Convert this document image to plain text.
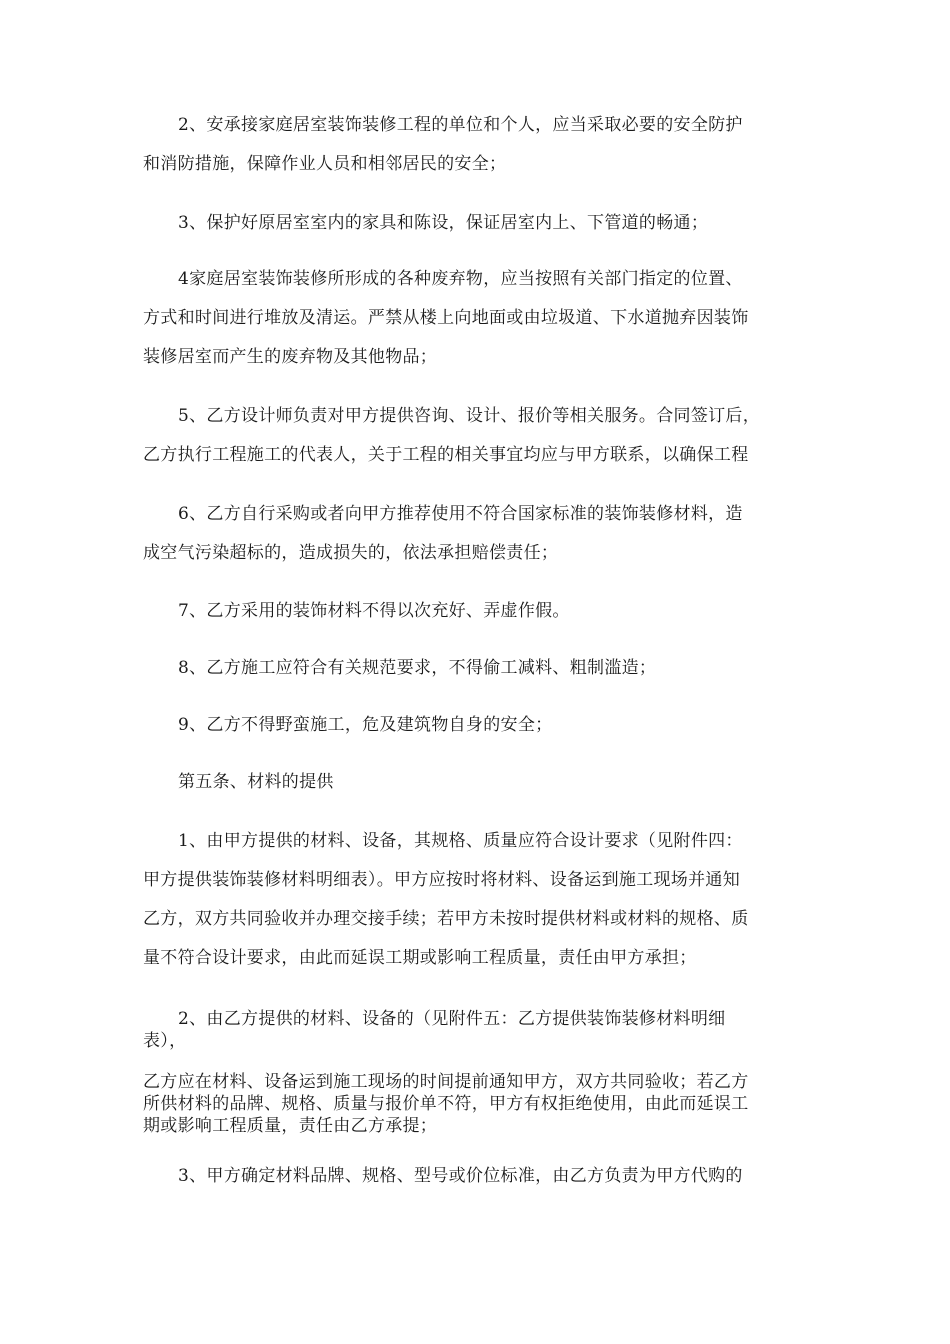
2、安承接家庭居室装饰装修工程的单位和个人，应当采取必要的安全防护
和消防措施，保障作业人员和相邻居民的安全；
3、保护好原居室室内的家具和陈设，保证居室内上、下管道的畅通；
4家庭居室装饰装修所形成的各种废弃物，应当按照有关部门指定的位置、
方式和时间进行堆放及清运。严禁从楼上向地面或由垃圾道、下水道抛弃因装饰
装修居室而产生的废弃物及其他物品；
5、乙方设计师负责对甲方提供咨询、设计、报价等相关服务。合同签订后，
乙方执行工程施工的代表人，关于工程的相关事宜均应与甲方联系，以确保工程
6、乙方自行采购或者向甲方推荐使用不符合国家标准的装饰装修材料，造
成空气污染超标的，造成损失的，依法承担赔偿责任；
7、乙方采用的装饰材料不得以次充好、弄虚作假。
8、乙方施工应符合有关规范要求，不得偷工减料、粗制滥造；
9、乙方不得野蛮施工，危及建筑物自身的安全；
第五条、材料的提供
1、由甲方提供的材料、设备，其规格、质量应符合设计要求（见附件四：
甲方提供装饰装修材料明细表）。甲方应按时将材料、设备运到施工现场并通知
乙方，双方共同验收并办理交接手续；若甲方未按时提供材料或材料的规格、质
量不符合设计要求，由此而延误工期或影响工程质量，责任由甲方承担；
2、由乙方提供的材料、设备的（见附件五：乙方提供装饰装修材料明细
表），
乙方应在材料、设备运到施工现场的时间提前通知甲方，双方共同验收；若乙方
所供材料的品牌、规格、质量与报价单不符，甲方有权拒绝使用，由此而延误工
期或影响工程质量，责任由乙方承提；
3、甲方确定材料品牌、规格、型号或价位标准，由乙方负责为甲方代购的
